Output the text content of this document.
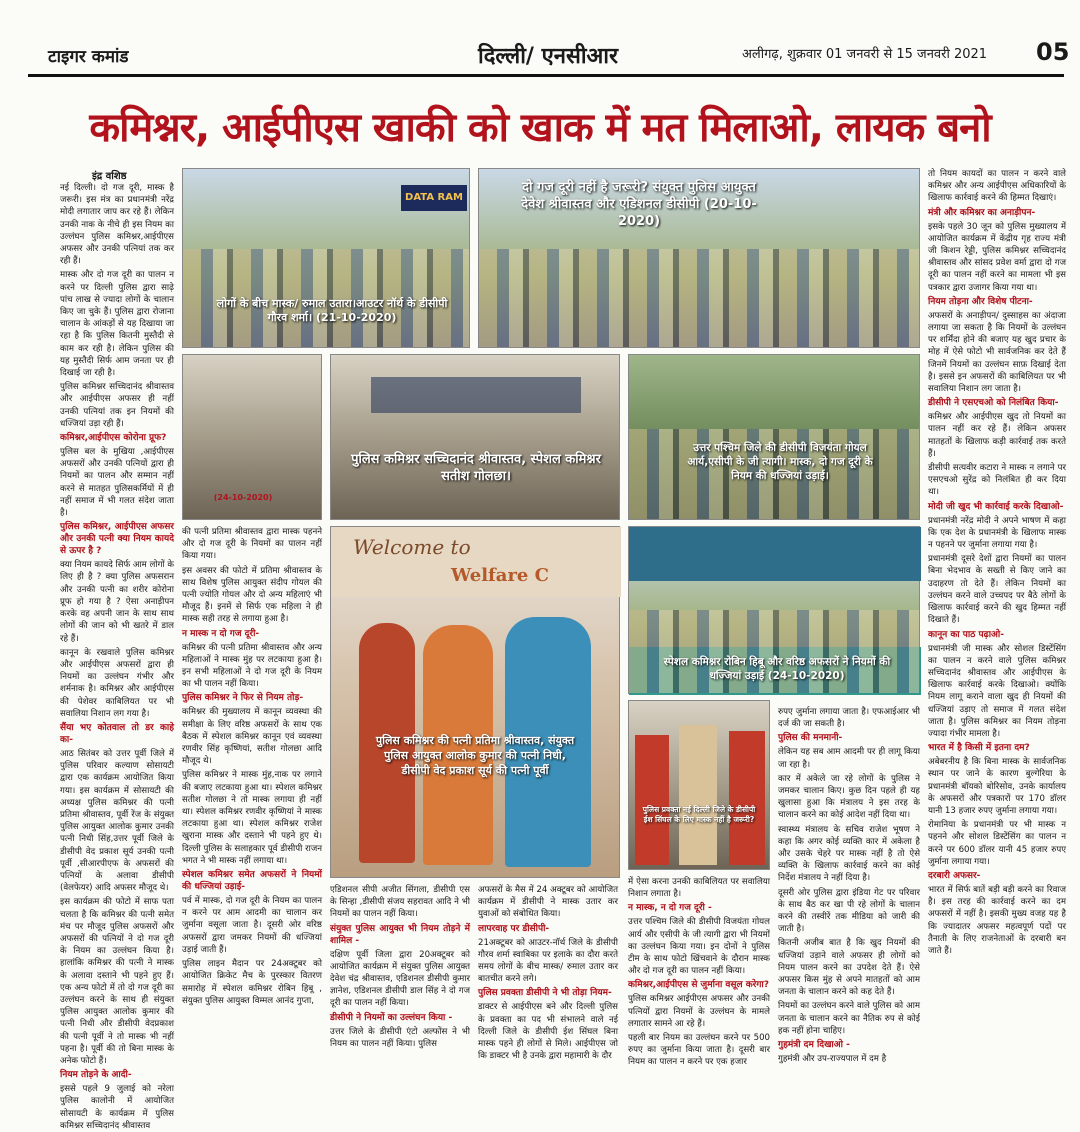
टाइगर कमांड	दिल्ली/ एनसीआर	अलीगढ़, शुक्रवार 01 जनवरी से 15 जनवरी 2021 05
कमिश्नर, आईपीएस खाकी को खाक में मत मिलाओ, लायक बनो
इंद्र वशिष्ठ

नई दिल्ली। दो गज दूरी, मास्क है जरूरी। इस मंत्र का प्रधानमंत्री नरेंद्र मोदी लगातार जाप कर रहे हैं। लेकिन उनकी नाक के नीचे ही इस नियम का उल्लंघन पुलिस कमिश्नर,आईपीएस अफसर और उनकी पत्नियां तक कर रही हैं।

मास्क और दो गज दूरी का पालन न करने पर दिल्ली पुलिस द्वारा साढ़े पांच लाख से ज्यादा लोगों के चालान किए जा चुके हैं। पुलिस द्वारा रोजाना चालान के आंकड़ों से यह दिखाया जा रहा है कि पुलिस कितनी मुस्तैदी से काम कर रही है। लेकिन पुलिस की यह मुस्तैदी सिर्फ आम जनता पर ही दिखाई जा रही है।

पुलिस कमिश्नर सच्चिदानंद श्रीवास्तव और आईपीएस अफसर ही नहीं उनकी पत्नियां तक इन नियमों की धज्जियां उड़ा रही हैं।

कमिश्नर,आईपीएस कोरोना प्रूफ?

पुलिस बल के मुखिया ,आईपीएस अफसरों और उनकी पत्नियों द्वारा ही नियमों का पालन और सम्मान नहीं करने से मातहत पुलिसकर्मियों में ही नहीं समाज में भी गलत संदेश जाता है।

पुलिस कमिश्नर, आईपीएस अफसर और उनकी पत्नी क्या नियम कायदे से ऊपर है ?

क्या नियम कायदे सिर्फ आम लोगों के लिए ही है ? क्या पुलिस अफसरान और उनकी पत्नी का शरीर कोरोना प्रूफ हो गया है ? ऐसा अनाड़ीपन करके वह अपनी जान के साथ साथ लोगों की जान को भी खतरे में डाल रहे हैं।

कानून के रखवाले पुलिस कमिश्नर और आईपीएस अफसरों द्वारा ही नियमों का उल्लंघन गंभीर और शर्मनाक है। कमिश्नर और आईपीएस की पेशेवर काबिलियत पर भी सवालिया निशान लग गया है।

सैंया भए कोतवाल तो डर काहे का-

आठ सितंबर को उत्तर पूर्वी जिले में पुलिस परिवार कल्याण सोसायटी द्वारा एक कार्यक्रम आयोजित किया गया। इस कार्यक्रम में सोसायटी की अध्यक्ष पुलिस कमिश्नर की पत्नी प्रतिमा श्रीवास्तव, पूर्वी रेंज के संयुक्त पुलिस आयुक्त आलोक कुमार उनकी पत्नी निधी सिंह,उत्तर पूर्वी जिले के डीसीपी वेद प्रकाश सूर्य उनकी पत्नी पूर्वी ,सीआरपीएफ के अफसरों की पत्नियों के अलावा डीसीपी (वेलफेयर) आदि अफसर मौजूद थे।

इस कार्यक्रम की फोटो में साफ पता चलता है कि कमिश्नर की पत्नी समेत मंच पर मौजूद पुलिस अफसरों और अफसरों की पत्नियों ने दो गज दूरी के नियम का उल्लंघन किया है। हालांकि कमिश्नर की पत्नी ने मास्क के अलावा दस्ताने भी पहने हुए हैं। एक अन्य फोटो में तो दो गज दूरी का उल्लंघन करने के साथ ही संयुक्त पुलिस आयुक्त आलोक कुमार की पत्नी निधी और डीसीपी वेदप्रकाश की पत्नी पूर्वी ने तो मास्क भी नहीं पहना है। पूर्वी की तो बिना मास्क के अनेक फोटो हैं।

नियम तोड़ने के आदी-

इससे पहले 9 जुलाई को नरेला पुलिस कालोनी में आयोजित सोसायटी के कार्यक्रम में पुलिस कमिश्नर सच्चिदानंद श्रीवास्तव

की पत्नी प्रतिमा श्रीवास्तव द्वारा मास्क पहनने और दो गज दूरी के नियमों का पालन नहीं किया गया।

इस अवसर की फोटो में प्रतिमा श्रीवास्तव के साथ विशेष पुलिस आयुक्त संदीप गोयल की पत्नी ज्योति गोयल और दो अन्य महिलाएं भी मौजूद हैं। इनमें से सिर्फ एक महिला ने ही मास्क सही तरह से लगाया हुआ है।

न मास्क न दो गज दूरी-

कमिश्नर की पत्नी प्रतिमा श्रीवास्तव और अन्य महिलाओं ने मास्क मुंह पर लटकाया हुआ है। इन सभी महिलाओं ने दो गज दूरी के नियम का भी पालन नहीं किया।

पुलिस कमिश्नर ने फिर से नियम तोड़-

कमिश्नर की मुख्यालय में कानून व्यवस्था की समीक्षा के लिए वरिष्ठ अफसरों के साथ एक बैठक में स्पेशल कमिश्नर कानून एवं व्यवस्था रणवीर सिंह कृष्णियां, सतीश गोलछा आदि मौजूद थे।

पुलिस कमिश्नर ने मास्क मुंह,नाक पर लगाने की बजाए लटकाया हुआ था। स्पेशल कमिश्नर सतीश गोलछा ने तो मास्क लगाया ही नहीं था। स्पेशल कमिश्नर रणवीर कृष्णियां ने मास्क लटकाया हुआ था। स्पेशल कमिश्नर राजेश खुराना मास्क और दस्ताने भी पहने हुए थे। दिल्ली पुलिस के सलाहकार पूर्व डीसीपी राजन भगत ने भी मास्क नहीं लगाया था।

स्पेशल कमिश्नर समेत अफसरों ने नियमों की धज्जियां उड़ाई-

पर्व में मास्क, दो गज दूरी के नियम का पालन न करने पर आम आदमी का चालान कर जुर्माना वसूला जाता है। दूसरी ओर वरिष्ठ अफसरों द्वारा जमकर नियमों की धज्जियां उड़ाई जाती हैं।

पुलिस लाइन मैदान पर 24अक्टूबर को आयोजित क्रिकेट मैच के पुरस्कार वितरण समारोह में स्पेशल कमिश्नर रोबिन हिबू , संयुक्त पुलिस आयुक्त विम्मल आनंद गुप्ता,

एडिशनल सीपी अजीत सिंगला, डीसीपी एस के सिन्हा ,डीसीपी संजय सहरावत आदि ने भी नियमों का पालन नहीं किया।

संयुक्त पुलिस आयुक्त भी नियम तोड़ने में शामिल -

दक्षिण पूर्वी जिला द्वारा 20अक्टूबर को आयोजित कार्यक्रम में संयुक्त पुलिस आयुक्त देवेश चंद्र श्रीवास्तव, एडिशनल डीसीपी कुमार ज्ञानेश, एडिशनल डीसीपी डाल सिंह ने दो गज दूरी का पालन नहीं किया।

डीसीपी ने नियमों का उल्लंघन किया -

उत्तर जिले के डीसीपी एंटो अल्फोंस ने भी नियम का पालन नहीं किया। पुलिस

अफसरों के मैस में 24 अक्टूबर को आयोजित कार्यक्रम में डीसीपी ने मास्क उतार कर युवाओं को संबोधित किया।

लापरवाह पर डीसीपी-

21अक्टूबर को आउटर-नॉर्थ जिले के डीसीपी गौरव शर्मा स्वाबिका पर इलाके का दौरा करते समय लोगों के बीच मास्क/ रुमाल उतार कर बातचीत करने लगे।

पुलिस प्रवक्ता डीसीपी ने भी तोड़ा नियम-

डाक्टर से आईपीएस बने और दिल्ली पुलिस के प्रवक्ता का पद भी संभालने वाले नई दिल्ली जिले के डीसीपी ईश सिंघल बिना मास्क पहने ही लोगों से मिले। आईपीएस जो कि डाक्टर भी है उनके द्वारा महामारी के दौर

में ऐसा करना उनकी काबिलियत पर सवालिया निशान लगाता है।

न मास्क, न दो गज दूरी -

उत्तर पश्चिम जिले की डीसीपी विजयंता गोयल आर्य और एसीपी के जी त्यागी द्वारा भी नियमों का उल्लंघन किया गया। इन दोनों ने पुलिस टीम के साथ फोटो खिंचवाने के दौरान मास्क और दो गज दूरी का पालन नहीं किया।

कमिश्नर,आईपीएस से जुर्माना वसूल करेगा?

पुलिस कमिश्नर आईपीएस अफसर और उनकी पत्नियों द्वारा नियमों के उल्लंघन के मामले लगातार सामने आ रहे हैं।

पहली बार नियम का उल्लंघन करने पर 500 रुपए का जुर्माना किया जाता है। दूसरी बार नियम का पालन न करने पर एक हजार

रुपए जुर्माना लगाया जाता है। एफआईआर भी दर्ज की जा सकती है।

पुलिस की मनमानी-

लेकिन यह सब आम आदमी पर ही लागू किया जा रहा है।

कार में अकेले जा रहे लोगों के पुलिस ने जमकर चालान किए। कुछ दिन पहले ही यह खुलासा हुआ कि मंत्रालय ने इस तरह के चालान करने का कोई आदेश नहीं दिया था।

स्वास्थ्य मंत्रालय के सचिव राजेश भूषण ने कहा कि अगर कोई व्यक्ति कार में अकेला है और उसके चेहरे पर मास्क नहीं है तो ऐसे व्यक्ति के खिलाफ कार्रवाई करने का कोई निर्देश मंत्रालय ने नहीं दिया है।

दूसरी ओर पुलिस द्वारा इंडिया गेट पर परिवार के साथ बैठ कर खा पी रहे लोगों के चालान करने की तस्वीरें तक मीडिया को जारी की जाती है।

कितनी अजीब बात है कि खुद नियमों की धज्जियां उड़ाने वाले अफसर ही लोगों को नियम पालन करने का उपदेश देते हैं। ऐसे अफसर किस मुंह से अपने मातहतों को आम जनता के चालान करने को कह देते हैं।

नियमों का उल्लंघन करने वाले पुलिस को आम जनता के चालान करने का नैतिक रुप से कोई हक नहीं होना चाहिए।

गुहमंत्री दम दिखाओ -

गुहमंत्री और उप-राज्यपाल में दम है

तो नियम कायदों का पालन न करने वाले कमिश्नर और अन्य आईपीएस अधिकारियों के खिलाफ कार्रवाई करने की हिम्मत दिखाएं।

मंत्री और कमिश्नर का अनाड़ीपन-

इसके पहले 30 जून को पुलिस मुख्यालय में आयोजित कार्यक्रम में केंद्रीय गृह राज्य मंत्री जी किशन रेड्डी, पुलिस कमिश्नर सच्चिदानंद श्रीवास्तव और सांसद प्रवेश वर्मा द्वारा दो गज दूरी का पालन नहीं करने का मामला भी इस पत्रकार द्वारा उजागर किया गया था।

नियम तोड़ना और विशेष पीटना-

अफसरों के अनाड़ीपन/ दुस्साहस का अंदाजा लगाया जा सकता है कि नियमों के उल्लंघन पर शर्मिंदा होने की बजाए यह खुद प्रचार के मोह में ऐसे फोटो भी सार्वजनिक कर देते हैं जिनमें नियमों का उल्लंघन साफ़ दिखाई देता है। इससे इन अफसरों की काबिलियत पर भी सवालिया निशान लग जाता है।

डीसीपी ने एसएचओ को निलंबित किया-

कमिश्नर और आईपीएस खुद तो नियमों का पालन नहीं कर रहे हैं। लेकिन अफसर मातहतों के खिलाफ कड़ी कार्रवाई तक करते हैं।

डीसीपी सत्यवीर कटारा ने मास्क न लगाने पर एसएचओ सुरेंद्र को निलंबित ही कर दिया था।

मोदी जी खुद भी कार्रवाई करके दिखाओ-

प्रधानमंत्री नरेंद्र मोदी ने अपने भाषण में कहा कि एक देश के प्रधानमंत्री के खिलाफ मास्क न पहनने पर जुर्माना लगाया गया है।

प्रधानमंत्री दूसरे देशों द्वारा नियमों का पालन बिना भेदभाव के सख्ती से किए जाने का उदाहरण तो देते हैं। लेकिन नियमों का उल्लंघन करने वाले उच्चपद पर बैठे लोगों के खिलाफ कार्रवाई करने की खुद हिम्मत नहीं दिखाते हैं।

कानून का पाठ पढ़ाओ-

प्रधानमंत्री जी मास्क और सोशल डिस्टेंसिंग का पालन न करने वाले पुलिस कमिश्नर सच्चिदानंद श्रीवास्तव और आईपीएस के खिलाफ कार्रवाई करके दिखाओ। क्योंकि नियम लागू कराने वाला खुद ही नियमों की धज्जियां उड़ाए तो समाज में गलत संदेश जाता है। पुलिस कमिश्नर का नियम तोड़ना ज्यादा गंभीर मामला है।

भारत में है किसी में इतना दम?

अबेबरनीय है कि बिना मास्क के सार्वजनिक स्थान पर जाने के कारण बुल्गेरिया के प्रधानमंत्री बॉयको बोरिसोव, उनके कार्यालय के अफसरों और पत्रकारों पर 170 डॉलर यानी 13 हजार रुपए जुर्माना लगाया गया।

रोमानिया के प्रधानमंत्री पर भी मास्क न पहनने और सोशल डिस्टेंसिंग का पालन न करने पर 600 डॉलर यानी 45 हजार रुपए जुर्माना लगाया गया।

दरबारी अफसर-

भारत में सिर्फ बातें बड़ी बड़ी करने का रिवाज है। इस तरह की कार्रवाई करने का दम अफसरों में नहीं है। इसकी मुख्य वजह यह है कि ज्यादातर अफसर महत्वपूर्ण पदों पर तैनाती के लिए राजनेताओं के दरबारी बन जाते हैं।

DATA RAM
लोगों के बीच मास्क/ रुमाल उतारा।आउटर नॉर्थ के डीसीपी गौरव शर्मा। (21-10-2020)
दो गज दूरी नहीं है जरूरी? संयुक्त पुलिस आयुक्त देवेश श्रीवास्तव और एडिशनल डीसीपी (20-10-2020)
(24-10-2020)
पुलिस कमिश्नर सच्चिदानंद श्रीवास्तव, स्पेशल कमिश्नर सतीश गोलछा।
उत्तर पश्चिम जिले की डीसीपी विजयंता गोयल आर्य,एसीपी के जी त्यागी। मास्क, दो गज दूरी के नियम की धज्जियां उड़ाई।
Welcome to
Welfare C
पुलिस कमिश्नर की पत्नी प्रतिमा श्रीवास्तव, संयुक्त पुलिस आयुक्त आलोक कुमार की पत्नी निधी, डीसीपी वेद प्रकाश सूर्य की पत्नी पूर्वी
स्पेशल कमिश्नर रोबिन हिबू और वरिष्ठ अफसरों ने नियमों की धज्जियां उड़ाई (24-10-2020)
पुलिस प्रवक्ता नई दिल्ली जिले के डीसीपी ईश सिंघल के लिए मास्क नहीं है जरूरी?
